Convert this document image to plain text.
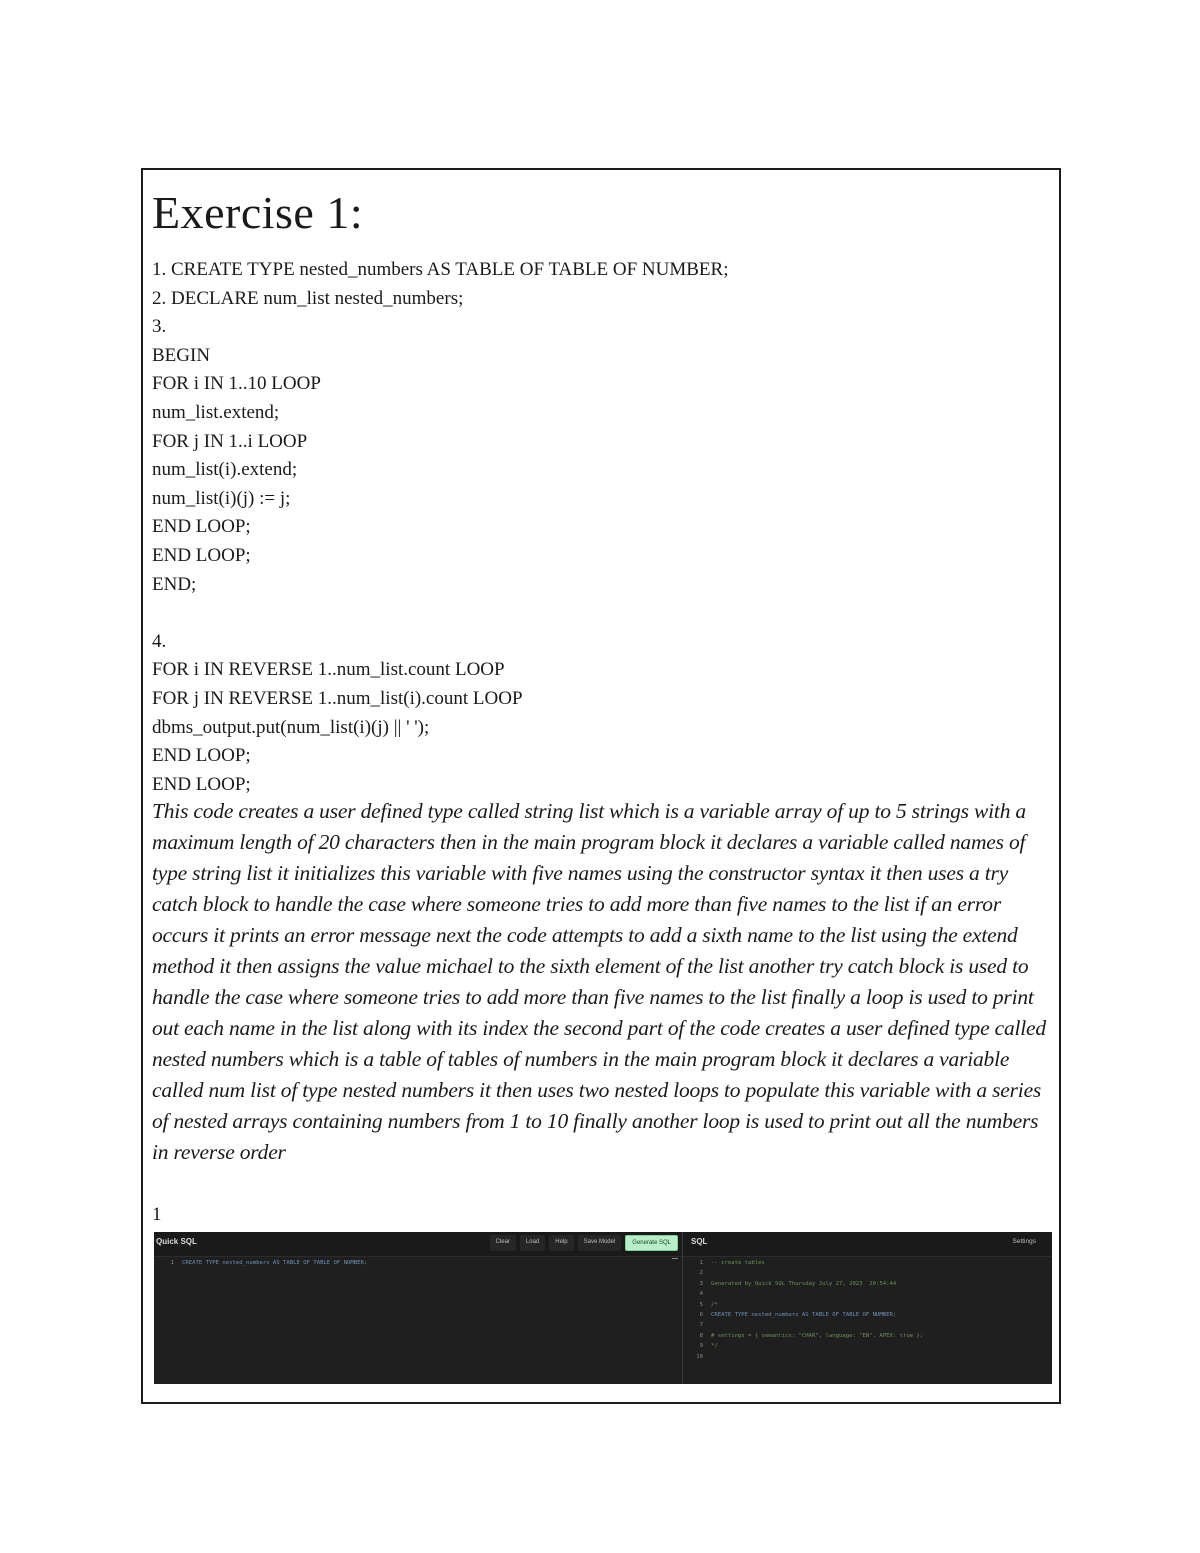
Exercise 1:
1. CREATE TYPE nested_numbers AS TABLE OF TABLE OF NUMBER;
2. DECLARE num_list nested_numbers;
3.
BEGIN
FOR i IN 1..10 LOOP
num_list.extend;
FOR j IN 1..i LOOP
num_list(i).extend;
num_list(i)(j) := j;
END LOOP;
END LOOP;
END;
4.
FOR i IN REVERSE 1..num_list.count LOOP
FOR j IN REVERSE 1..num_list(i).count LOOP
dbms_output.put(num_list(i)(j) || ' ');
END LOOP;
END LOOP;

This code creates a user defined type called string list which is a variable array of up to 5 strings with a maximum length of 20 characters then in the main program block it declares a variable called names of type string list it initializes this variable with five names using the constructor syntax it then uses a try catch block to handle the case where someone tries to add more than five names to the list if an error occurs it prints an error message next the code attempts to add a sixth name to the list using the extend method it then assigns the value michael to the sixth element of the list another try catch block is used to handle the case where someone tries to add more than five names to the list finally a loop is used to print out each name in the list along with its index the second part of the code creates a user defined type called nested numbers which is a table of tables of numbers in the main program block it declares a variable called num list of type nested numbers it then uses two nested loops to populate this variable with a series of nested arrays containing numbers from 1 to 10 finally another loop is used to print out all the numbers in reverse order

1
Quick SQL	Clear	Load	Help	Save Model	Generate SQL
1	CREATE TYPE nested_numbers AS TABLE OF TABLE OF NUMBER;
SQL	Settings
1	-- create tables
2
3	Generated by Quick SQL Thursday July 27, 2023  20:54:44
4
5	/*
6	CREATE TYPE nested_numbers AS TABLE OF TABLE OF NUMBER;
7
8	# settings = { semantics: "CHAR", language: "EN", APEX: true };
9	*/
10
